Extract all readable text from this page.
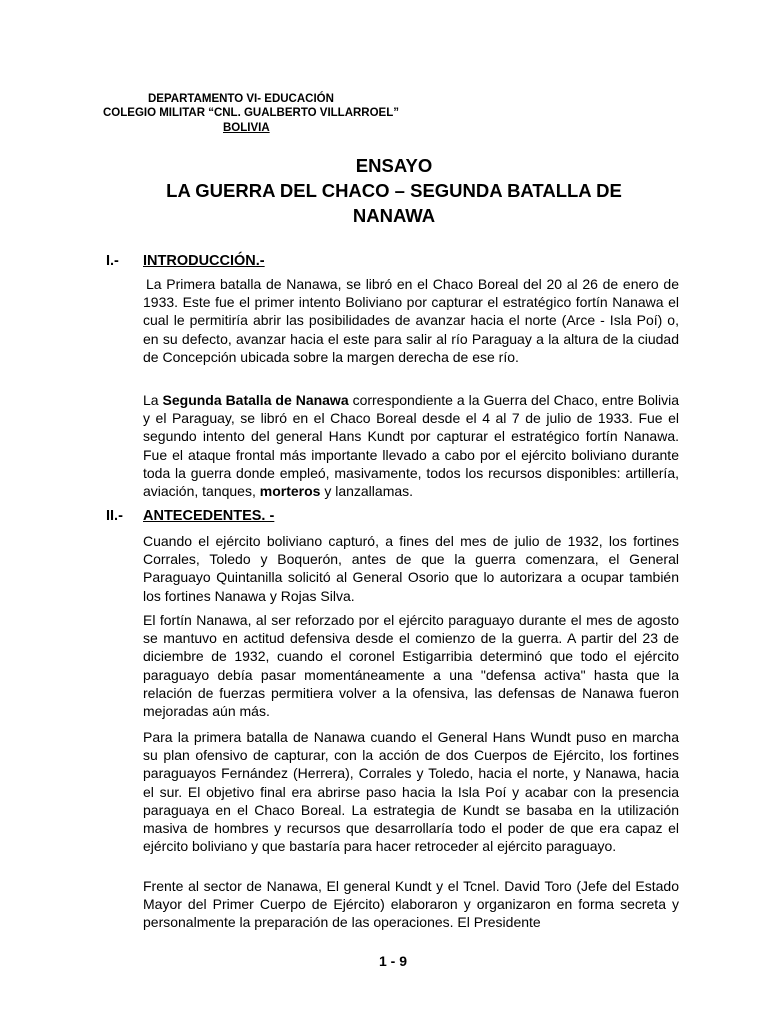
DEPARTAMENTO VI- EDUCACIÓN
COLEGIO MILITAR “CNL. GUALBERTO VILLARROEL”
BOLIVIA
ENSAYO
LA GUERRA DEL CHACO – SEGUNDA BATALLA DE
NANAWA
I.- INTRODUCCIÓN.-
La Primera batalla de Nanawa, se libró en el Chaco Boreal del 20 al 26 de enero de 1933. Este fue el primer intento Boliviano por capturar el estratégico fortín Nanawa el cual le permitiría abrir las posibilidades de avanzar hacia el norte (Arce - Isla Poí) o, en su defecto, avanzar hacia el este para salir al río Paraguay a la altura de la ciudad de Concepción ubicada sobre la margen derecha de ese río.
La Segunda Batalla de Nanawa correspondiente a la Guerra del Chaco, entre Bolivia y el Paraguay, se libró en el Chaco Boreal desde el 4 al 7 de julio de 1933. Fue el segundo intento del general Hans Kundt por capturar el estratégico fortín Nanawa. Fue el ataque frontal más importante llevado a cabo por el ejército boliviano durante toda la guerra donde empleó, masivamente, todos los recursos disponibles: artillería, aviación, tanques, morteros y lanzallamas.
II.- ANTECEDENTES. -
Cuando el ejército boliviano capturó, a fines del mes de julio de 1932, los fortines Corrales, Toledo y Boquerón, antes de que la guerra comenzara, el General Paraguayo Quintanilla solicitó al General Osorio que lo autorizara a ocupar también los fortines Nanawa y Rojas Silva.
El fortín Nanawa, al ser reforzado por el ejército paraguayo durante el mes de agosto se mantuvo en actitud defensiva desde el comienzo de la guerra. A partir del 23 de diciembre de 1932, cuando el coronel Estigarribia determinó que todo el ejército paraguayo debía pasar momentáneamente a una "defensa activa" hasta que la relación de fuerzas permitiera volver a la ofensiva, las defensas de Nanawa fueron mejoradas aún más.
Para la primera batalla de Nanawa cuando el General Hans Wundt puso en marcha su plan ofensivo de capturar, con la acción de dos Cuerpos de Ejército, los fortines paraguayos Fernández (Herrera), Corrales y Toledo, hacia el norte, y Nanawa, hacia el sur. El objetivo final era abrirse paso hacia la Isla Poí y acabar con la presencia paraguaya en el Chaco Boreal. La estrategia de Kundt se basaba en la utilización masiva de hombres y recursos que desarrollaría todo el poder de que era capaz el ejército boliviano y que bastaría para hacer retroceder al ejército paraguayo.
Frente al sector de Nanawa, El general Kundt y el Tcnel. David Toro (Jefe del Estado Mayor del Primer Cuerpo de Ejército) elaboraron y organizaron en forma secreta y personalmente la preparación de las operaciones. El Presidente
1 - 9
